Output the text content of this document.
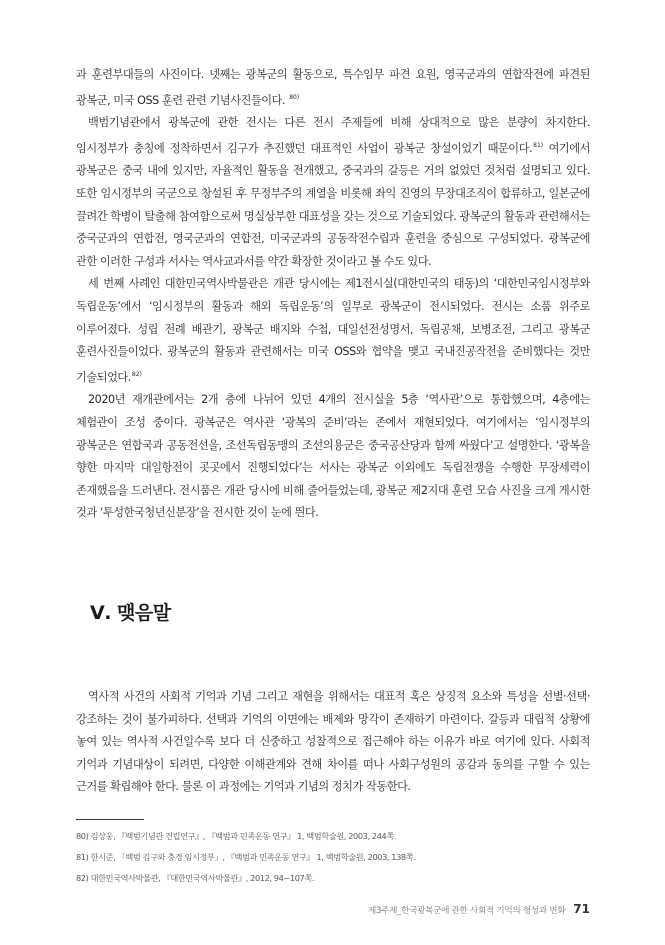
과 훈련부대들의 사진이다. 넷째는 광복군의 활동으로, 특수임무 파견 요원, 영국군과의 연합작전에 파견된 광복군, 미국 OSS 훈련 관련 기념사진들이다. $^{80)}$

백범기념관에서 광복군에 관한 전시는 다른 전시 주제들에 비해 상대적으로 많은 분량이 차지한다. 임시정부가 충칭에 정착하면서 김구가 추진했던 대표적인 사업이 광복군 창설이었기 때문이다.$^{81)}$ 여기에서 광복군은 중국 내에 있지만, 자율적인 활동을 전개했고, 중국과의 갈등은 거의 없었던 것처럼 설명되고 있다. 또한 임시정부의 국군으로 창설된 후 무정부주의 계열을 비롯해 좌익 진영의 무장대조직이 합류하고, 일본군에 끌려간 학병이 탈출해 참여함으로써 명실상부한 대표성을 갖는 것으로 기술되었다. 광복군의 활동과 관련해서는 중국군과의 연합전, 영국군과의 연합전, 미국군과의 공동작전수립과 훈련을 중심으로 구성되었다. 광복군에 관한 이러한 구성과 서사는 역사교과서를 약간 확장한 것이라고 볼 수도 있다.

세 번째 사례인 대한민국역사박물관은 개관 당시에는 제1전시실(대한민국의 태동)의 ‘대한민국임시정부와 독립운동’에서 ‘임시정부의 활동과 해외 독립운동’의 일부로 광복군이 전시되었다. 전시는 소품 위주로 이루어졌다. 성립 전례 배관기, 광복군 배지와 수첩, 대일선전성명서, 독립공채, 보병조전, 그리고 광복군 훈련사진들이었다. 광복군의 활동과 관련해서는 미국 OSS와 협약을 맺고 국내진공작전을 준비했다는 것만 기술되었다.$^{82)}$

2020년 재개관에서는 2개 층에 나뉘어 있던 4개의 전시실을 5층 ‘역사관’으로 통합했으며, 4층에는 체험관이 조성 중이다. 광복군은 역사관 ‘광복의 준비’라는 존에서 재현되었다. 여기에서는 ‘임시정부의 광복군은 연합국과 공동전선을, 조선독립동맹의 조선의용군은 중국공산당과 함께 싸웠다’고 설명한다. ‘광복을 향한 마지막 대일항전이 곳곳에서 진행되었다’는 서사는 광복군 이외에도 독립전쟁을 수행한 무장세력이 존재했음을 드러낸다. 전시품은 개관 당시에 비해 줄어들었는데, 광복군 제2지대 훈련 모습 사진을 크게 게시한 것과 ‘투성한국청년신분장’을 전시한 것이 눈에 띈다.

Ⅴ. 맺음말

역사적 사건의 사회적 기억과 기념 그리고 재현을 위해서는 대표적 혹은 상징적 요소와 특성을 선별·선택·강조하는 것이 불가피하다. 선택과 기억의 이면에는 배제와 망각이 존재하기 마련이다. 갈등과 대립적 상황에 놓여 있는 역사적 사건일수록 보다 더 신중하고 성찰적으로 접근해야 하는 이유가 바로 여기에 있다. 사회적 기억과 기념대상이 되려면, 다양한 이해관계와 견해 차이를 떠나 사회구성원의 공감과 동의를 구할 수 있는 근거를 확립해야 한다. 물론 이 과정에는 기억과 기념의 정치가 작동한다.

80) 김상웅, 『백범기념관 건립연구』, 『백범과 민족운동 연구』 1, 백범학술원, 2003, 244쪽.
81) 한시준, 「백범 김구와 충경 임시정부」, 『백범과 민족운동 연구』 1, 백범학술원, 2003, 138쪽.
82) 대한민국역사박물관, 『대한민국역사박물관』, 2012, 94~107쪽.
제3주제_한국광복군에 관한 사회적 기억의 형성과 변화 71
